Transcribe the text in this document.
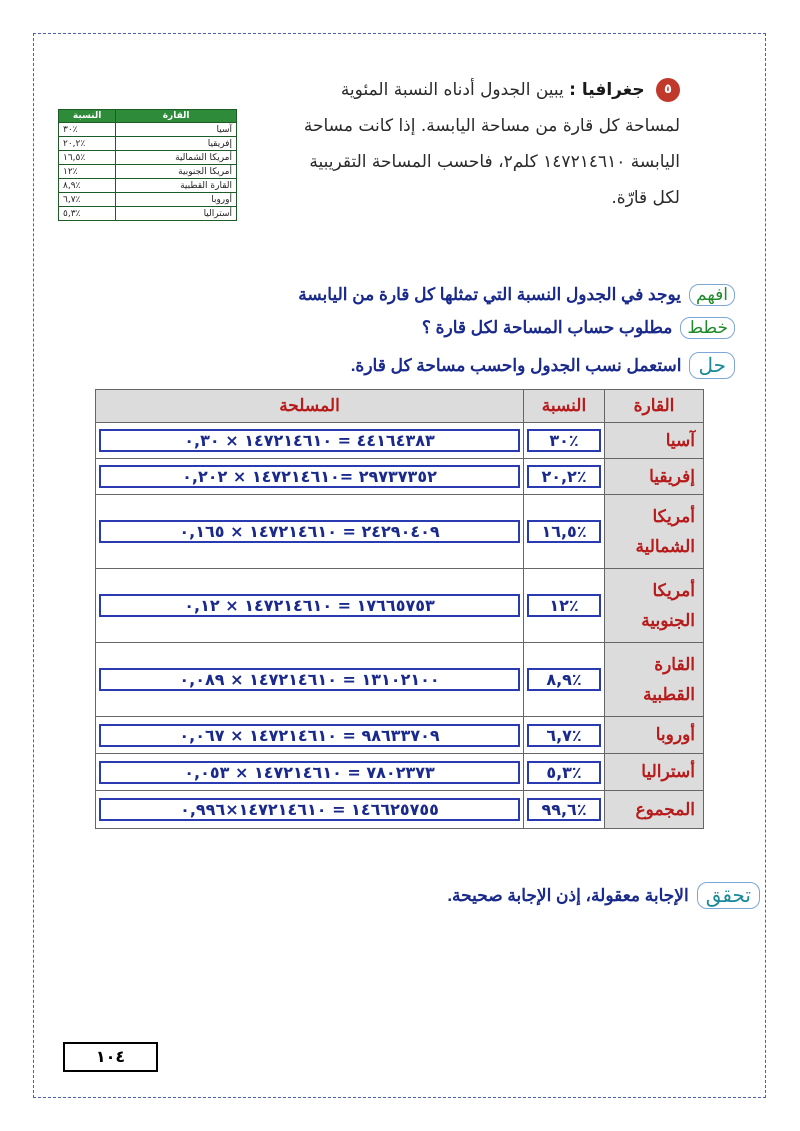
٥ جغرافيا : يبين الجدول أدناه النسبة المئوية لمساحة كل قارة من مساحة اليابسة. إذا كانت مساحة اليابسة ١٤٧٢١٤٦١٠ كلم٢، فاحسب المساحة التقريبية لكل قارّة.
القارة	النسبة
آسيا	٪٣٠
إفريقيا	٪٢٠,٢
أمريكا الشمالية	٪١٦,٥
أمريكا الجنوبية	٪١٢
القارة القطبية	٪٨,٩
أوروبا	٪٦,٧
أستراليا	٪٥,٣
افهم
يوجد في الجدول النسبة التي تمثلها كل قارة من اليابسة
خطط
مطلوب حساب المساحة لكل قارة ؟
حل
استعمل نسب الجدول واحسب مساحة كل قارة.
القارة	النسبة	المسلحة

آسيا	٪٣٠	٤٤١٦٤٣٨٣ = ١٤٧٢١٤٦١٠ × ٠,٣٠

إفريقيا	٪٢٠,٢	٢٩٧٣٧٣٥٢ =١٤٧٢١٤٦١٠ × ٠,٢٠٢

أمريكا الشمالية	٪١٦,٥	٢٤٢٩٠٤٠٩ = ١٤٧٢١٤٦١٠ × ٠,١٦٥

أمريكا الجنوبية	٪١٢	١٧٦٦٥٧٥٣ = ١٤٧٢١٤٦١٠ × ٠,١٢

القارة القطبية	٪٨,٩	١٣١٠٢١٠٠ = ١٤٧٢١٤٦١٠ × ٠,٠٨٩

أوروبا	٪٦,٧	٩٨٦٣٣٧٠٩ = ١٤٧٢١٤٦١٠ × ٠,٠٦٧

أستراليا	٪٥,٣	٧٨٠٢٣٧٣ = ١٤٧٢١٤٦١٠ × ٠,٠٥٣

المجموع	٪٩٩,٦	١٤٦٦٢٥٧٥٥ = ١٤٧٢١٤٦١٠×٠,٩٩٦
تحقق
الإجابة معقولة، إذن الإجابة صحيحة.
١٠٤
